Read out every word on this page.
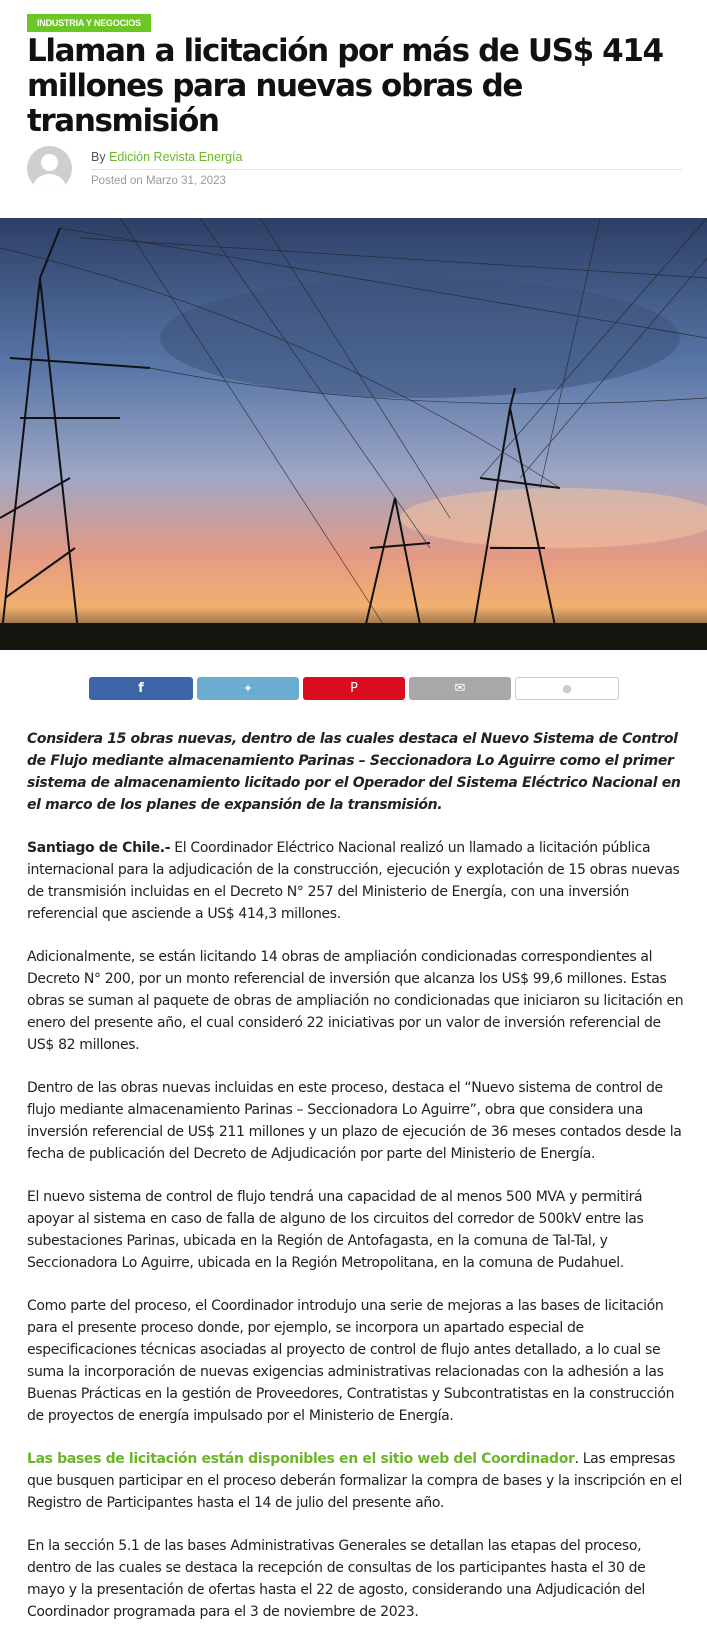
INDUSTRIA Y NEGOCIOS
Llaman a licitación por más de US$ 414 millones para nuevas obras de transmisión
By Edición Revista Energía
Posted on Marzo 31, 2023
f	✦	P	✉	●

Considera 15 obras nuevas, dentro de las cuales destaca el Nuevo Sistema de Control de Flujo mediante almacenamiento Parinas – Seccionadora Lo Aguirre como el primer sistema de almacenamiento licitado por el Operador del Sistema Eléctrico Nacional en el marco de los planes de expansión de la transmisión.

Santiago de Chile.- El Coordinador Eléctrico Nacional realizó un llamado a licitación pública internacional para la adjudicación de la construcción, ejecución y explotación de 15 obras nuevas de transmisión incluidas en el Decreto N° 257 del Ministerio de Energía, con una inversión referencial que asciende a US$ 414,3 millones.

Adicionalmente, se están licitando 14 obras de ampliación condicionadas correspondientes al Decreto N° 200, por un monto referencial de inversión que alcanza los US$ 99,6 millones. Estas obras se suman al paquete de obras de ampliación no condicionadas que iniciaron su licitación en enero del presente año, el cual consideró 22 iniciativas por un valor de inversión referencial de US$ 82 millones.

Dentro de las obras nuevas incluidas en este proceso, destaca el “Nuevo sistema de control de flujo mediante almacenamiento Parinas – Seccionadora Lo Aguirre”, obra que considera una inversión referencial de US$ 211 millones y un plazo de ejecución de 36 meses contados desde la fecha de publicación del Decreto de Adjudicación por parte del Ministerio de Energía.

El nuevo sistema de control de flujo tendrá una capacidad de al menos 500 MVA y permitirá apoyar al sistema en caso de falla de alguno de los circuitos del corredor de 500kV entre las subestaciones Parinas, ubicada en la Región de Antofagasta, en la comuna de Tal-Tal, y Seccionadora Lo Aguirre, ubicada en la Región Metropolitana, en la comuna de Pudahuel.

Como parte del proceso, el Coordinador introdujo una serie de mejoras a las bases de licitación para el presente proceso donde, por ejemplo, se incorpora un apartado especial de especificaciones técnicas asociadas al proyecto de control de flujo antes detallado, a lo cual se suma la incorporación de nuevas exigencias administrativas relacionadas con la adhesión a las Buenas Prácticas en la gestión de Proveedores, Contratistas y Subcontratistas en la construcción de proyectos de energía impulsado por el Ministerio de Energía.

Las bases de licitación están disponibles en el sitio web del Coordinador. Las empresas que busquen participar en el proceso deberán formalizar la compra de bases y la inscripción en el Registro de Participantes hasta el 14 de julio del presente año.

En la sección 5.1 de las bases Administrativas Generales se detallan las etapas del proceso, dentro de las cuales se destaca la recepción de consultas de los participantes hasta el 30 de mayo y la presentación de ofertas hasta el 22 de agosto, considerando una Adjudicación del Coordinador programada para el 3 de noviembre de 2023.
